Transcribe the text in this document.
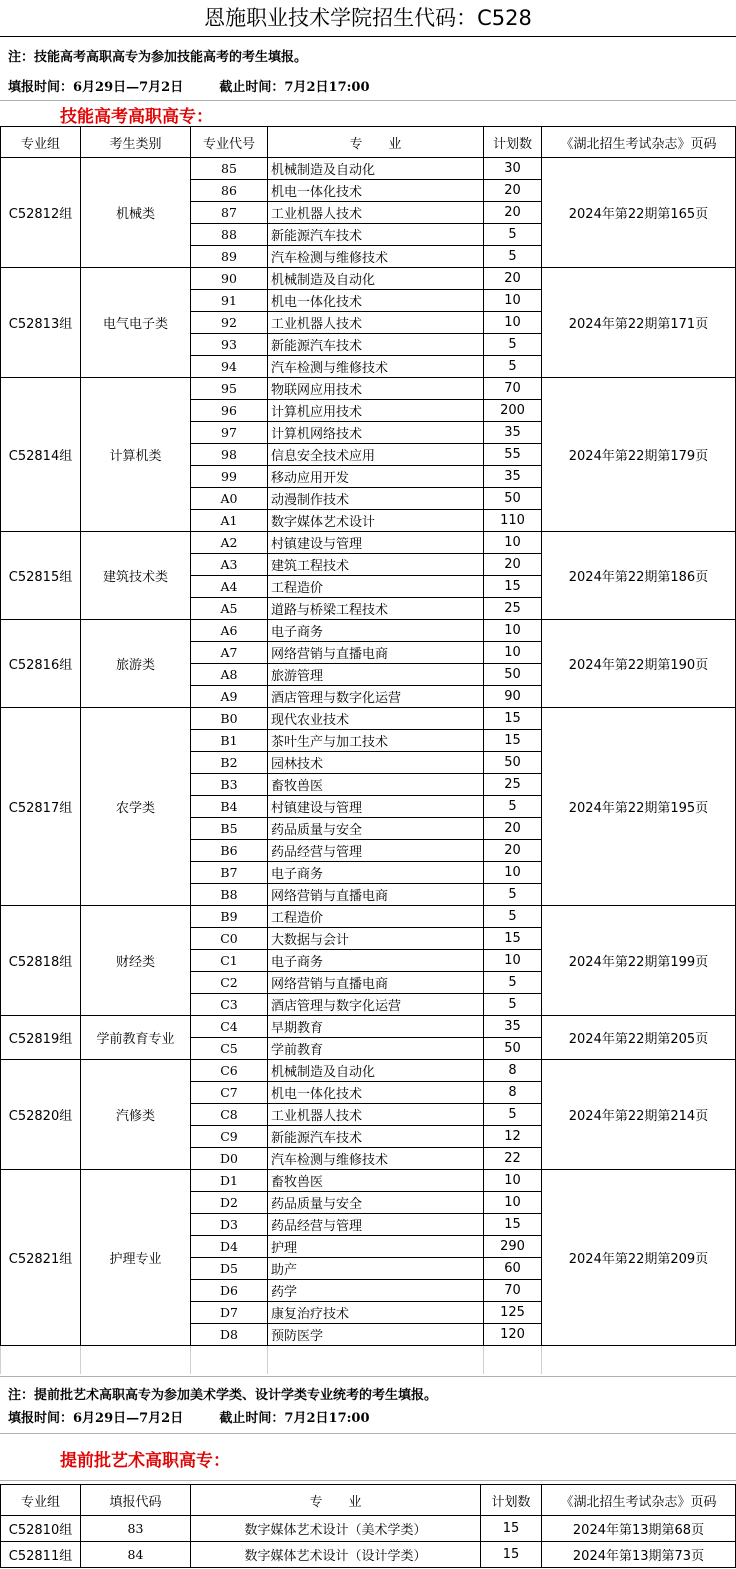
恩施职业技术学院招生代码：C528
注：技能高考高职高专为参加技能高考的考生填报。
填报时间：6月29日—7月2日        截止时间：7月2日17:00
技能高考高职高专：
专业组	考生类别	专业代号	专　　业	计划数	《湖北招生考试杂志》页码
C52812组	机械类	85	机械制造及自动化	30	2024年第22期第165页
		86	机电一体化技术	20	
		87	工业机器人技术	20	
		88	新能源汽车技术	5	
		89	汽车检测与维修技术	5	
C52813组	电气电子类	90	机械制造及自动化	20	2024年第22期第171页
		91	机电一体化技术	10	
		92	工业机器人技术	10	
		93	新能源汽车技术	5	
		94	汽车检测与维修技术	5	
C52814组	计算机类	95	物联网应用技术	70	2024年第22期第179页
		96	计算机应用技术	200	
		97	计算机网络技术	35	
		98	信息安全技术应用	55	
		99	移动应用开发	35	
		A0	动漫制作技术	50	
		A1	数字媒体艺术设计	110	
C52815组	建筑技术类	A2	村镇建设与管理	10	2024年第22期第186页
		A3	建筑工程技术	20	
		A4	工程造价	15	
		A5	道路与桥梁工程技术	25	
C52816组	旅游类	A6	电子商务	10	2024年第22期第190页
		A7	网络营销与直播电商	10	
		A8	旅游管理	50	
		A9	酒店管理与数字化运营	90	
C52817组	农学类	B0	现代农业技术	15	2024年第22期第195页
		B1	茶叶生产与加工技术	15	
		B2	园林技术	50	
		B3	畜牧兽医	25	
		B4	村镇建设与管理	5	
		B5	药品质量与安全	20	
		B6	药品经营与管理	20	
		B7	电子商务	10	
		B8	网络营销与直播电商	5	
C52818组	财经类	B9	工程造价	5	2024年第22期第199页
		C0	大数据与会计	15	
		C1	电子商务	10	
		C2	网络营销与直播电商	5	
		C3	酒店管理与数字化运营	5	
C52819组	学前教育专业	C4	早期教育	35	2024年第22期第205页
		C5	学前教育	50	
C52820组	汽修类	C6	机械制造及自动化	8	2024年第22期第214页
		C7	机电一体化技术	8	
		C8	工业机器人技术	5	
		C9	新能源汽车技术	12	
		D0	汽车检测与维修技术	22	
C52821组	护理专业	D1	畜牧兽医	10	2024年第22期第209页
		D2	药品质量与安全	10	
		D3	药品经营与管理	15	
		D4	护理	290	
		D5	助产	60	
		D6	药学	70	
		D7	康复治疗技术	125	
		D8	预防医学	120	

注：提前批艺术高职高专为参加美术学类、设计学类专业统考的考生填报。
填报时间：6月29日—7月2日        截止时间：7月2日17:00
提前批艺术高职高专：
专业组	填报代码	专　　业	计划数	《湖北招生考试杂志》页码
C52810组	83	数字媒体艺术设计（美术学类）	15	2024年第13期第68页
C52811组	84	数字媒体艺术设计（设计学类）	15	2024年第13期第73页
